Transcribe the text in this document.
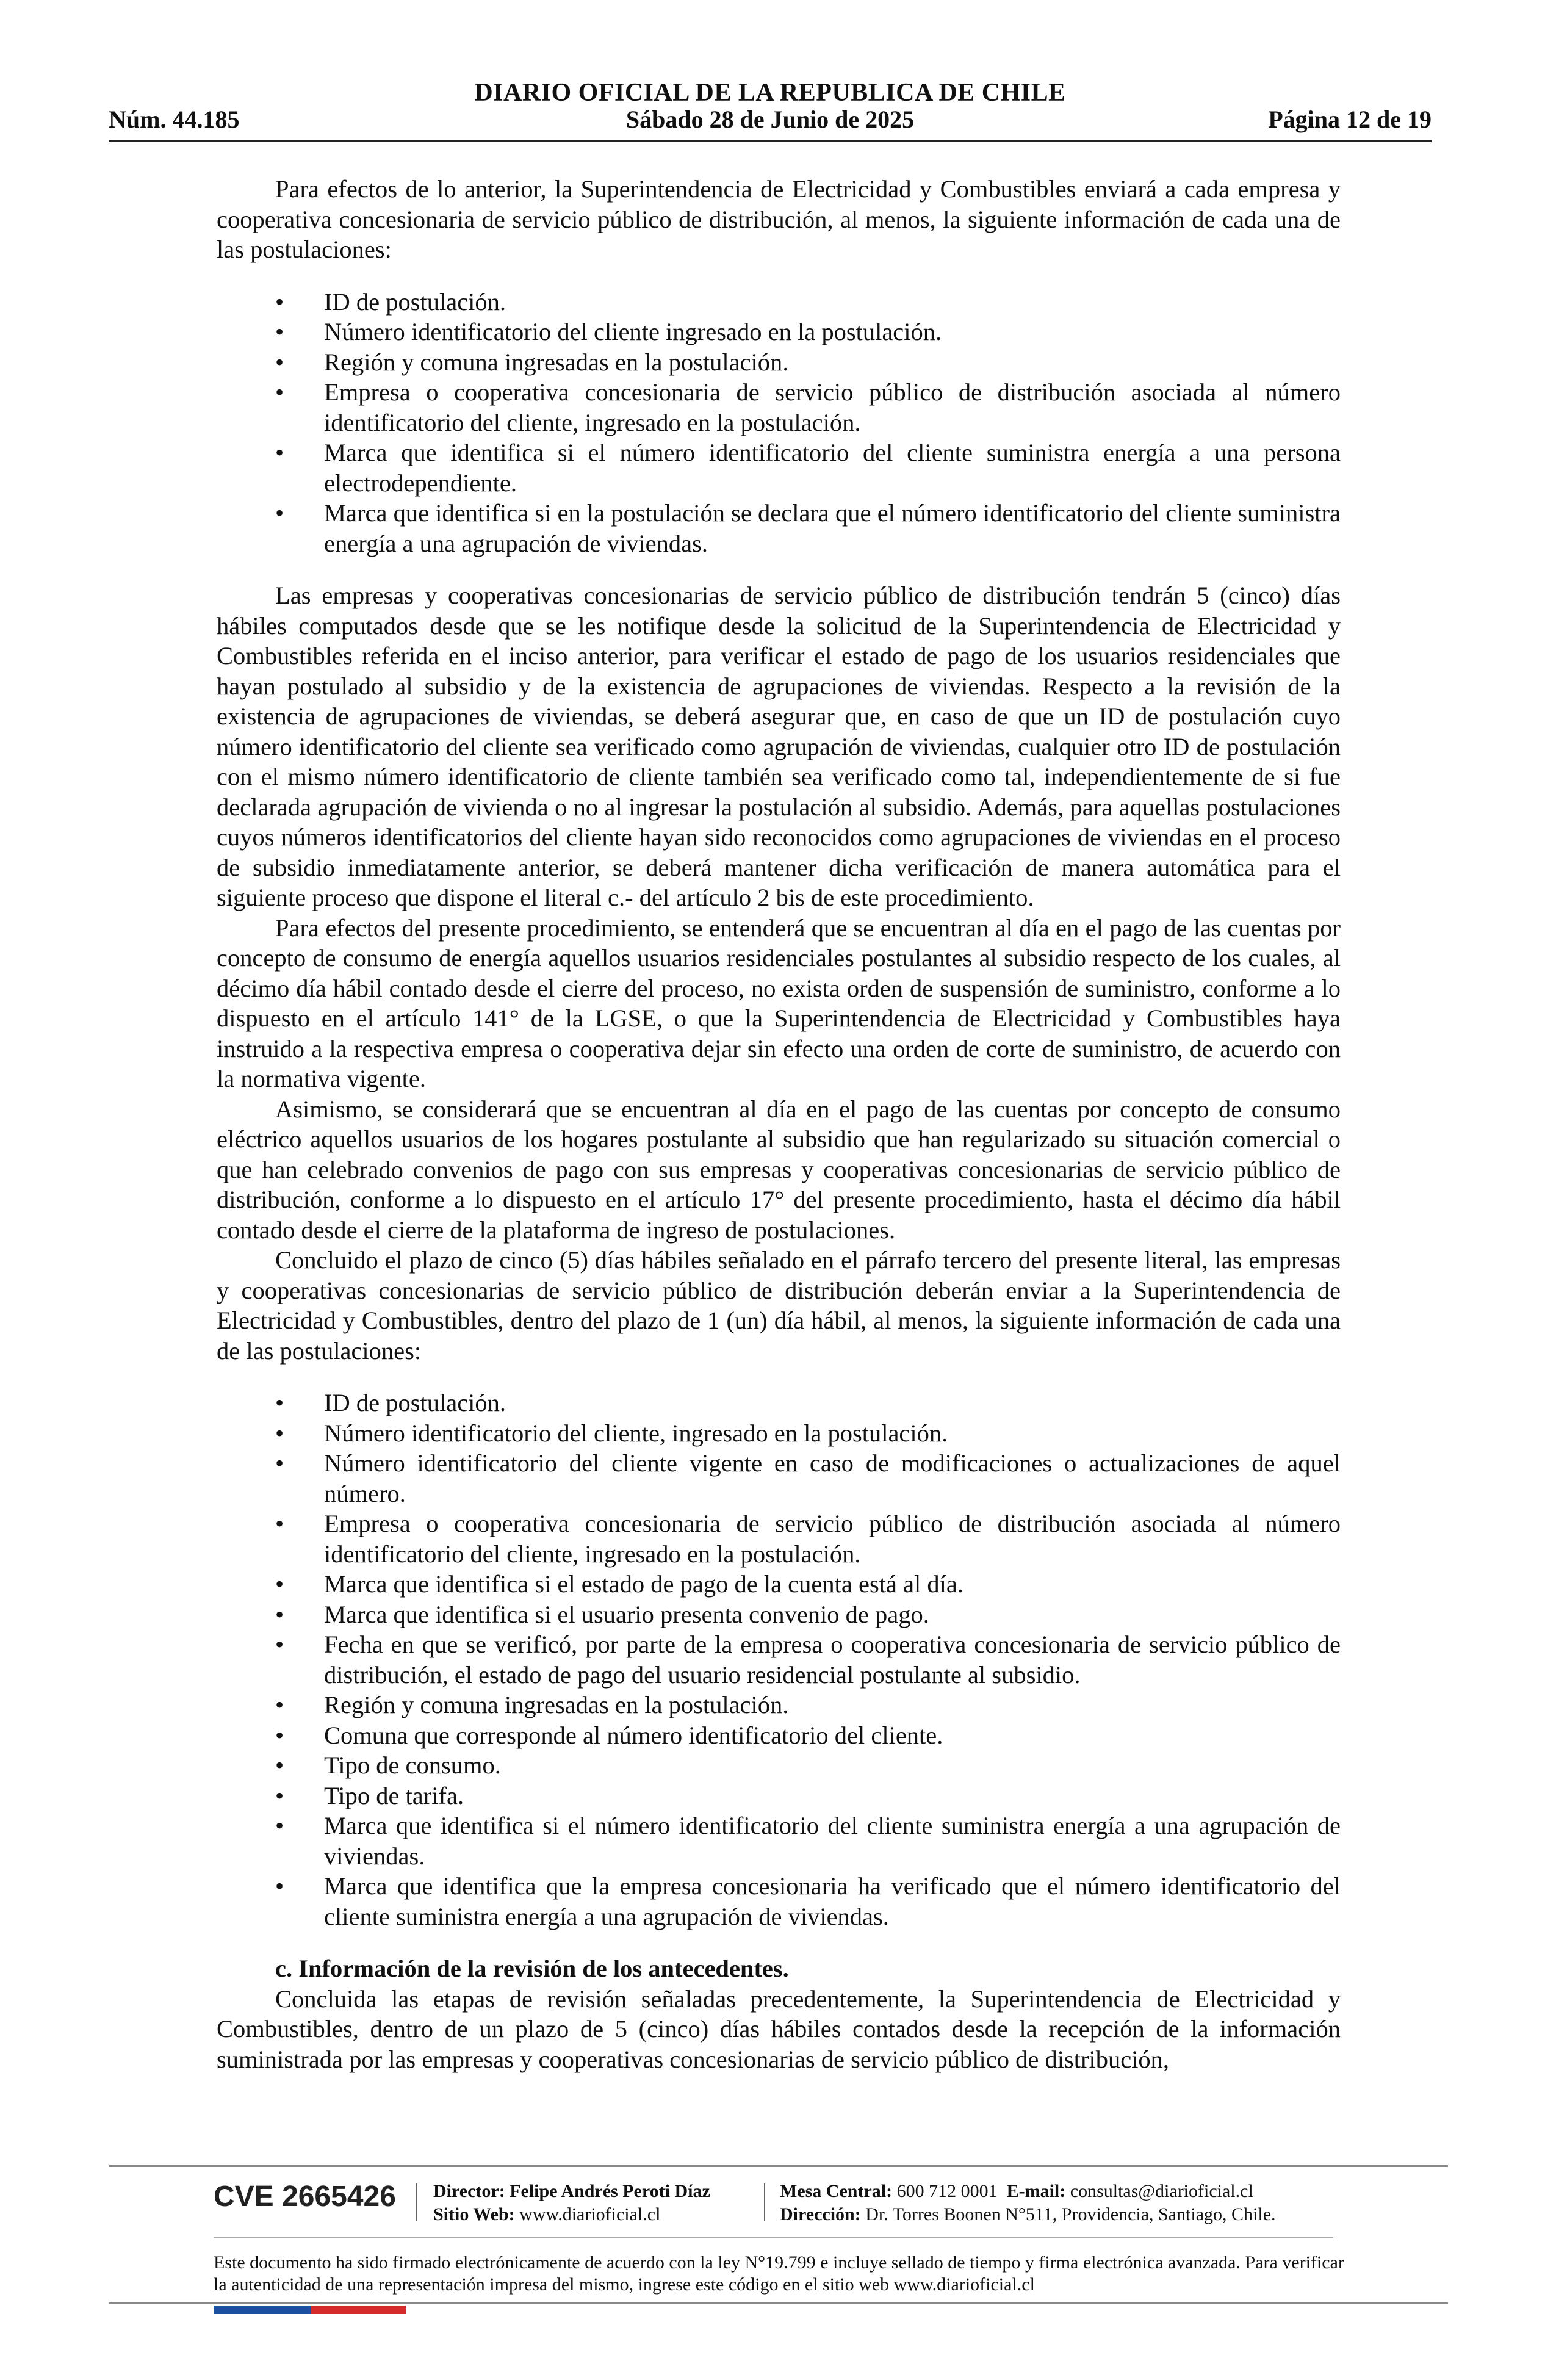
DIARIO OFICIAL DE LA REPUBLICA DE CHILE
Núm. 44.185	Sábado 28 de Junio de 2025	Página 12 de 19

Para efectos de lo anterior, la Superintendencia de Electricidad y Combustibles enviará a cada empresa y cooperativa concesionaria de servicio público de distribución, al menos, la siguiente información de cada una de las postulaciones:

• ID de postulación.
• Número identificatorio del cliente ingresado en la postulación.
• Región y comuna ingresadas en la postulación.
• Empresa o cooperativa concesionaria de servicio público de distribución asociada al número identificatorio del cliente, ingresado en la postulación.
• Marca que identifica si el número identificatorio del cliente suministra energía a una persona electrodependiente.
• Marca que identifica si en la postulación se declara que el número identificatorio del cliente suministra energía a una agrupación de viviendas.

Las empresas y cooperativas concesionarias de servicio público de distribución tendrán 5 (cinco) días hábiles computados desde que se les notifique desde la solicitud de la Superintendencia de Electricidad y Combustibles referida en el inciso anterior, para verificar el estado de pago de los usuarios residenciales que hayan postulado al subsidio y de la existencia de agrupaciones de viviendas. Respecto a la revisión de la existencia de agrupaciones de viviendas, se deberá asegurar que, en caso de que un ID de postulación cuyo número identificatorio del cliente sea verificado como agrupación de viviendas, cualquier otro ID de postulación con el mismo número identificatorio de cliente también sea verificado como tal, independientemente de si fue declarada agrupación de vivienda o no al ingresar la postulación al subsidio. Además, para aquellas postulaciones cuyos números identificatorios del cliente hayan sido reconocidos como agrupaciones de viviendas en el proceso de subsidio inmediatamente anterior, se deberá mantener dicha verificación de manera automática para el siguiente proceso que dispone el literal c.- del artículo 2 bis de este procedimiento.

Para efectos del presente procedimiento, se entenderá que se encuentran al día en el pago de las cuentas por concepto de consumo de energía aquellos usuarios residenciales postulantes al subsidio respecto de los cuales, al décimo día hábil contado desde el cierre del proceso, no exista orden de suspensión de suministro, conforme a lo dispuesto en el artículo 141° de la LGSE, o que la Superintendencia de Electricidad y Combustibles haya instruido a la respectiva empresa o cooperativa dejar sin efecto una orden de corte de suministro, de acuerdo con la normativa vigente.

Asimismo, se considerará que se encuentran al día en el pago de las cuentas por concepto de consumo eléctrico aquellos usuarios de los hogares postulante al subsidio que han regularizado su situación comercial o que han celebrado convenios de pago con sus empresas y cooperativas concesionarias de servicio público de distribución, conforme a lo dispuesto en el artículo 17° del presente procedimiento, hasta el décimo día hábil contado desde el cierre de la plataforma de ingreso de postulaciones.

Concluido el plazo de cinco (5) días hábiles señalado en el párrafo tercero del presente literal, las empresas y cooperativas concesionarias de servicio público de distribución deberán enviar a la Superintendencia de Electricidad y Combustibles, dentro del plazo de 1 (un) día hábil, al menos, la siguiente información de cada una de las postulaciones:

• ID de postulación.
• Número identificatorio del cliente, ingresado en la postulación.
• Número identificatorio del cliente vigente en caso de modificaciones o actualizaciones de aquel número.
• Empresa o cooperativa concesionaria de servicio público de distribución asociada al número identificatorio del cliente, ingresado en la postulación.
• Marca que identifica si el estado de pago de la cuenta está al día.
• Marca que identifica si el usuario presenta convenio de pago.
• Fecha en que se verificó, por parte de la empresa o cooperativa concesionaria de servicio público de distribución, el estado de pago del usuario residencial postulante al subsidio.
• Región y comuna ingresadas en la postulación.
• Comuna que corresponde al número identificatorio del cliente.
• Tipo de consumo.
• Tipo de tarifa.
• Marca que identifica si el número identificatorio del cliente suministra energía a una agrupación de viviendas.
• Marca que identifica que la empresa concesionaria ha verificado que el número identificatorio del cliente suministra energía a una agrupación de viviendas.
c. Información de la revisión de los antecedentes.

Concluida las etapas de revisión señaladas precedentemente, la Superintendencia de Electricidad y Combustibles, dentro de un plazo de 5 (cinco) días hábiles contados desde la recepción de la información suministrada por las empresas y cooperativas concesionarias de servicio público de distribución,

CVE 2665426 Director: Felipe Andrés Peroti Díaz
Sitio Web: www.diarioficial.cl
Mesa Central: 600 712 0001 E-mail: consultas@diarioficial.cl
Dirección: Dr. Torres Boonen N°511, Providencia, Santiago, Chile.
Este documento ha sido firmado electrónicamente de acuerdo con la ley N°19.799 e incluye sellado de tiempo y firma electrónica avanzada. Para verificar la autenticidad de una representación impresa del mismo, ingrese este código en el sitio web www.diarioficial.cl
